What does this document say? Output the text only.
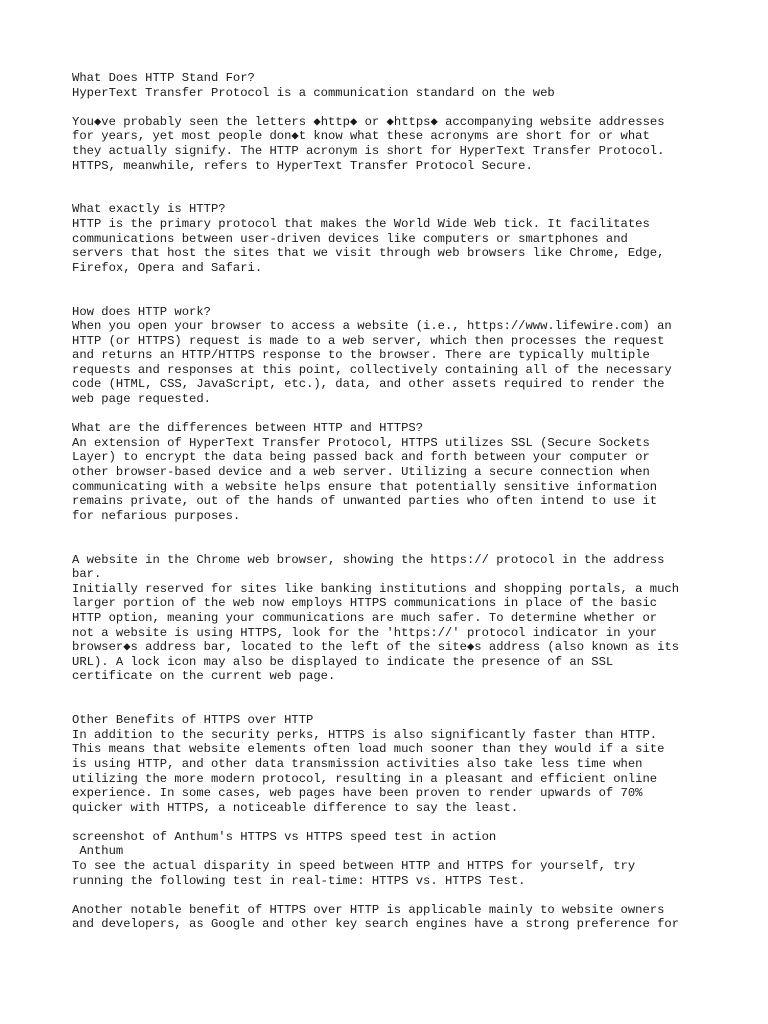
What Does HTTP Stand For?
HyperText Transfer Protocol is a communication standard on the web
You◆ve probably seen the letters ◆http◆ or ◆https◆ accompanying website addresses
for years, yet most people don◆t know what these acronyms are short for or what
they actually signify. The HTTP acronym is short for HyperText Transfer Protocol.
HTTPS, meanwhile, refers to HyperText Transfer Protocol Secure.
What exactly is HTTP?
HTTP is the primary protocol that makes the World Wide Web tick. It facilitates
communications between user-driven devices like computers or smartphones and
servers that host the sites that we visit through web browsers like Chrome, Edge,
Firefox, Opera and Safari.
How does HTTP work?
When you open your browser to access a website (i.e., https://www.lifewire.com) an
HTTP (or HTTPS) request is made to a web server, which then processes the request
and returns an HTTP/HTTPS response to the browser. There are typically multiple
requests and responses at this point, collectively containing all of the necessary
code (HTML, CSS, JavaScript, etc.), data, and other assets required to render the
web page requested.
What are the differences between HTTP and HTTPS?
An extension of HyperText Transfer Protocol, HTTPS utilizes SSL (Secure Sockets
Layer) to encrypt the data being passed back and forth between your computer or
other browser-based device and a web server. Utilizing a secure connection when
communicating with a website helps ensure that potentially sensitive information
remains private, out of the hands of unwanted parties who often intend to use it
for nefarious purposes.
A website in the Chrome web browser, showing the https:// protocol in the address
bar.
Initially reserved for sites like banking institutions and shopping portals, a much
larger portion of the web now employs HTTPS communications in place of the basic
HTTP option, meaning your communications are much safer. To determine whether or
not a website is using HTTPS, look for the 'https://' protocol indicator in your
browser◆s address bar, located to the left of the site◆s address (also known as its
URL). A lock icon may also be displayed to indicate the presence of an SSL
certificate on the current web page.
Other Benefits of HTTPS over HTTP
In addition to the security perks, HTTPS is also significantly faster than HTTP.
This means that website elements often load much sooner than they would if a site
is using HTTP, and other data transmission activities also take less time when
utilizing the more modern protocol, resulting in a pleasant and efficient online
experience. In some cases, web pages have been proven to render upwards of 70%
quicker with HTTPS, a noticeable difference to say the least.
screenshot of Anthum's HTTPS vs HTTPS speed test in action
Anthum
To see the actual disparity in speed between HTTP and HTTPS for yourself, try
running the following test in real-time: HTTPS vs. HTTPS Test.
Another notable benefit of HTTPS over HTTP is applicable mainly to website owners
and developers, as Google and other key search engines have a strong preference for
